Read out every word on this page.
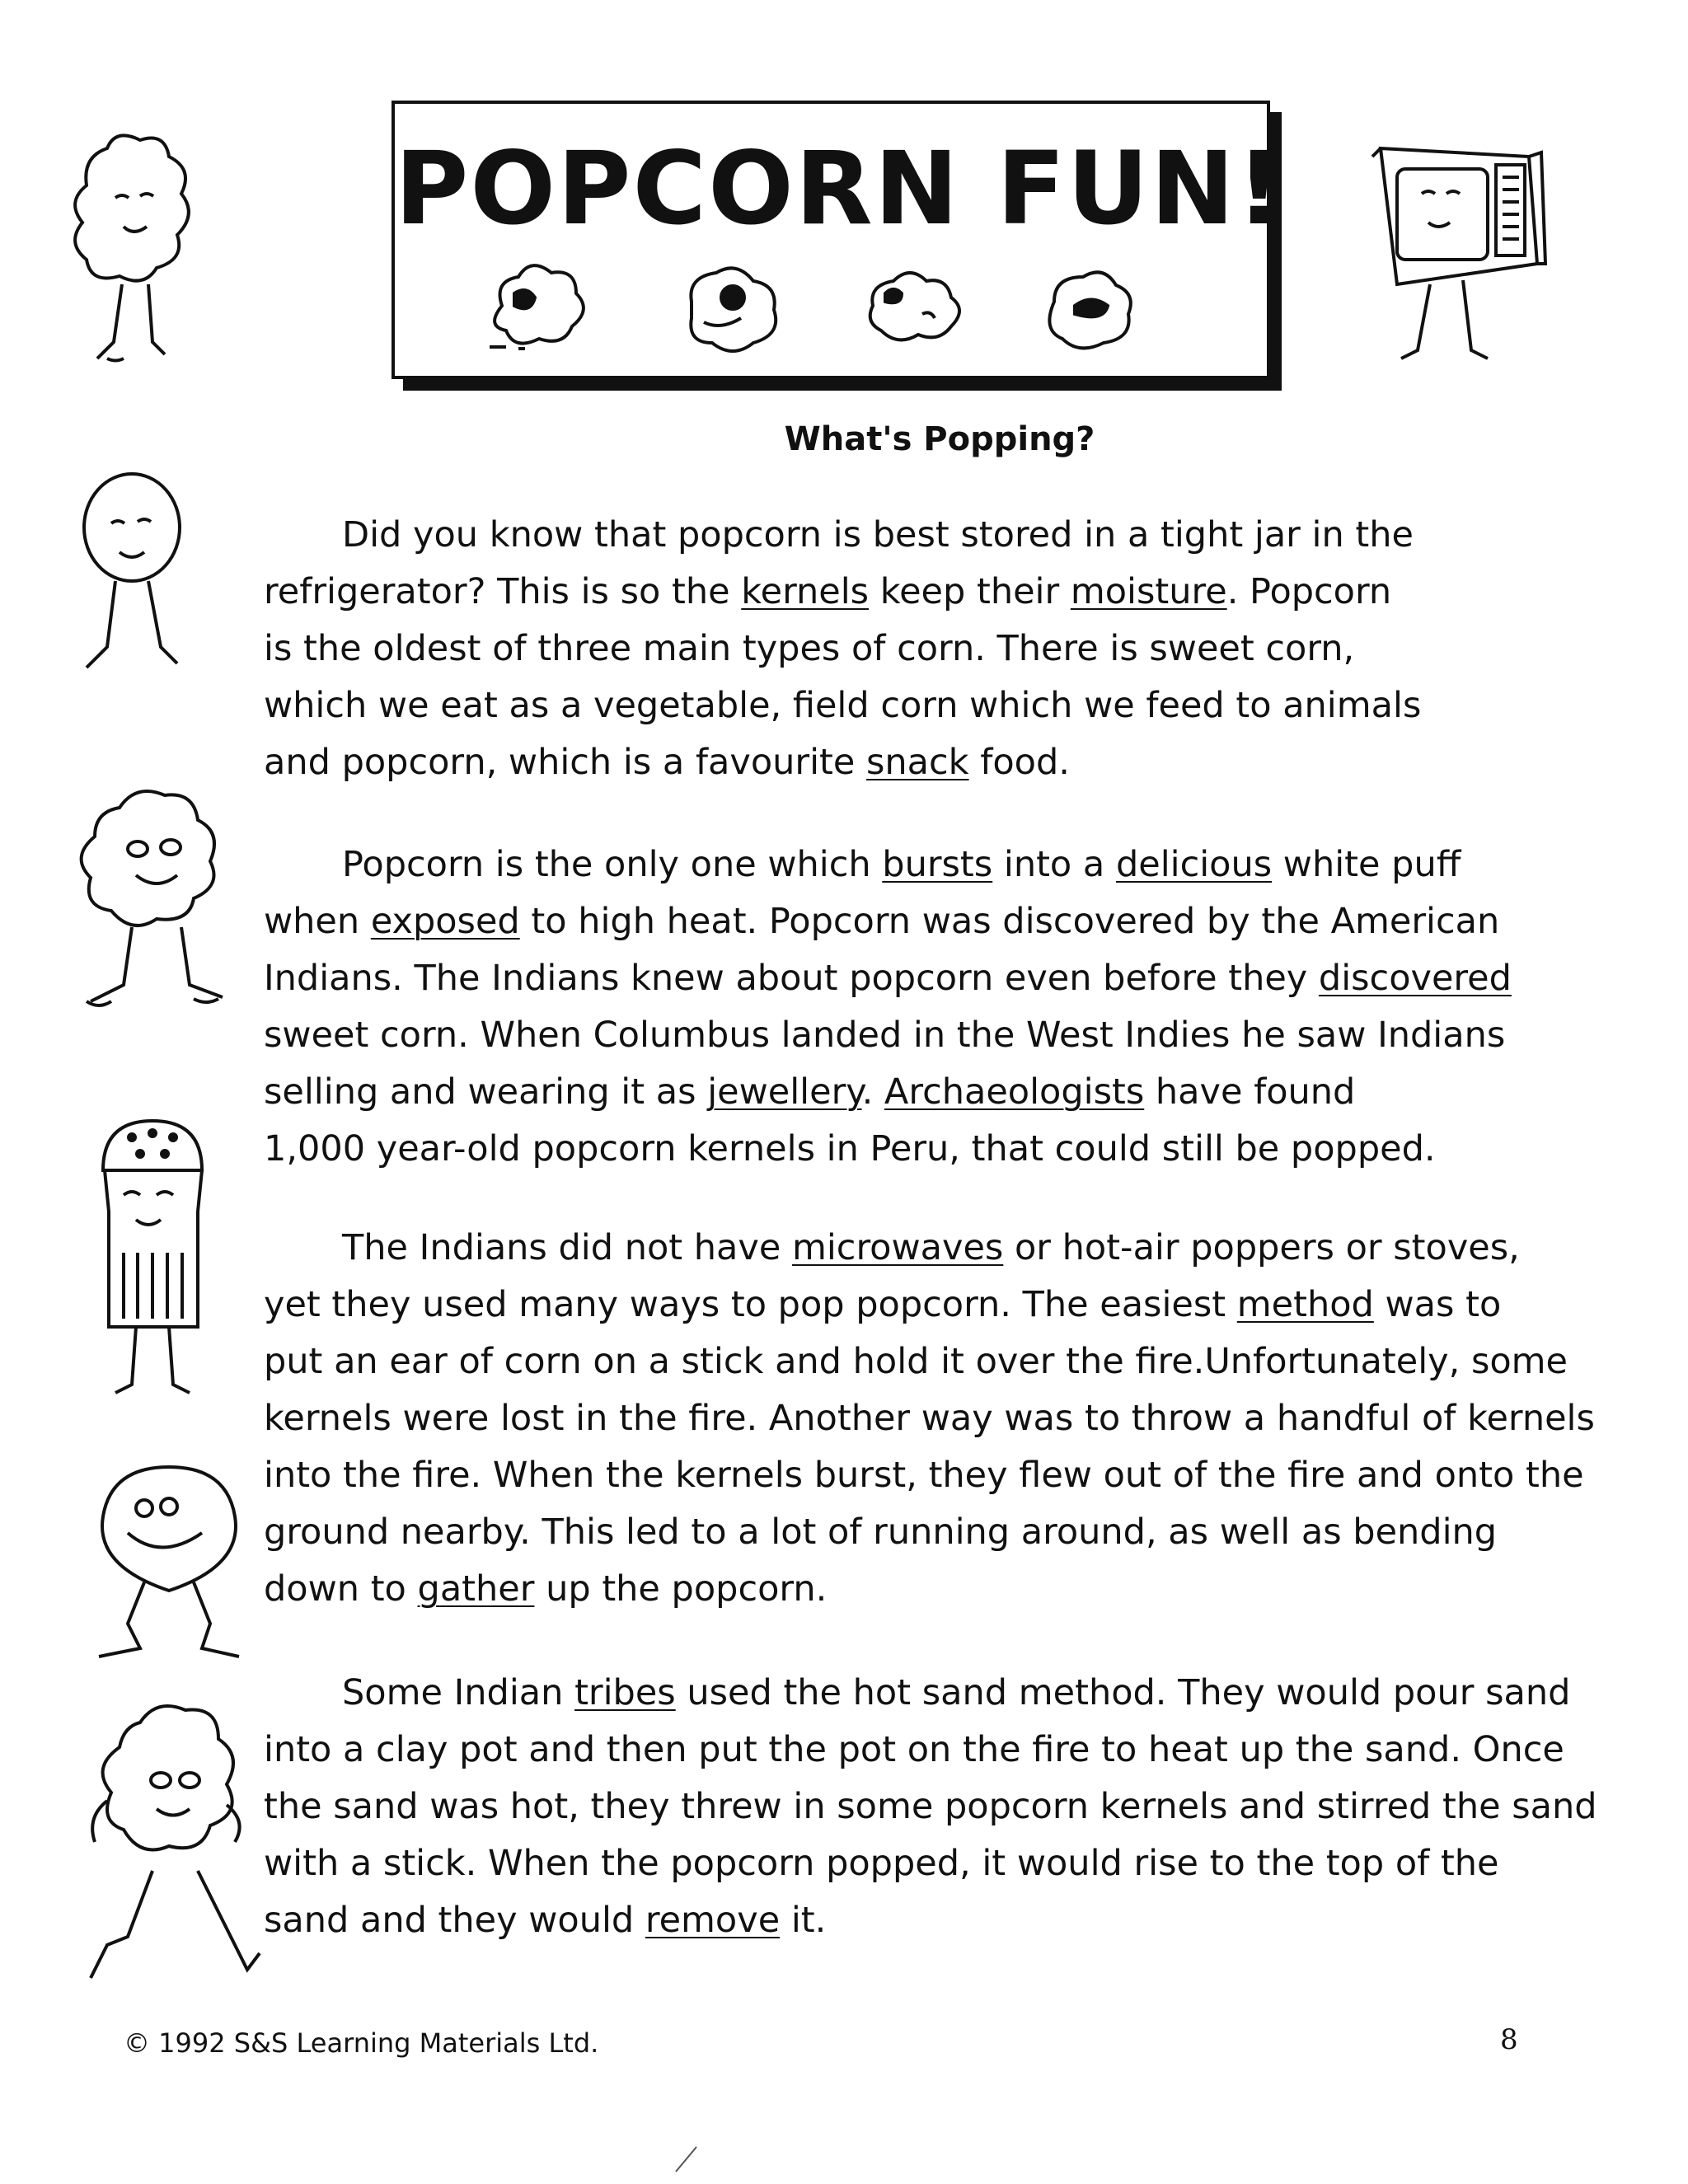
POPCORN FUN!
What's Popping?
Did you know that popcorn is best stored in a tight jar in the
refrigerator? This is so the kernels keep their moisture. Popcorn
is the oldest of three main types of corn. There is sweet corn,
which we eat as a vegetable, field corn which we feed to animals
and popcorn, which is a favourite snack food.
Popcorn is the only one which bursts into a delicious white puff
when exposed to high heat. Popcorn was discovered by the American
Indians. The Indians knew about popcorn even before they discovered
sweet corn. When Columbus landed in the West Indies he saw Indians
selling and wearing it as jewellery. Archaeologists have found
1,000 year-old popcorn kernels in Peru, that could still be popped.
The Indians did not have microwaves or hot-air poppers or stoves,
yet they used many ways to pop popcorn. The easiest method was to
put an ear of corn on a stick and hold it over the fire.Unfortunately, some
kernels were lost in the fire. Another way was to throw a handful of kernels
into the fire. When the kernels burst, they flew out of the fire and onto the
ground nearby. This led to a lot of running around, as well as bending
down to gather up the popcorn.
Some Indian tribes used the hot sand method. They would pour sand
into a clay pot and then put the pot on the fire to heat up the sand. Once
the sand was hot, they threw in some popcorn kernels and stirred the sand
with a stick. When the popcorn popped, it would rise to the top of the
sand and they would remove it.
© 1992 S&S Learning Materials Ltd.	8
